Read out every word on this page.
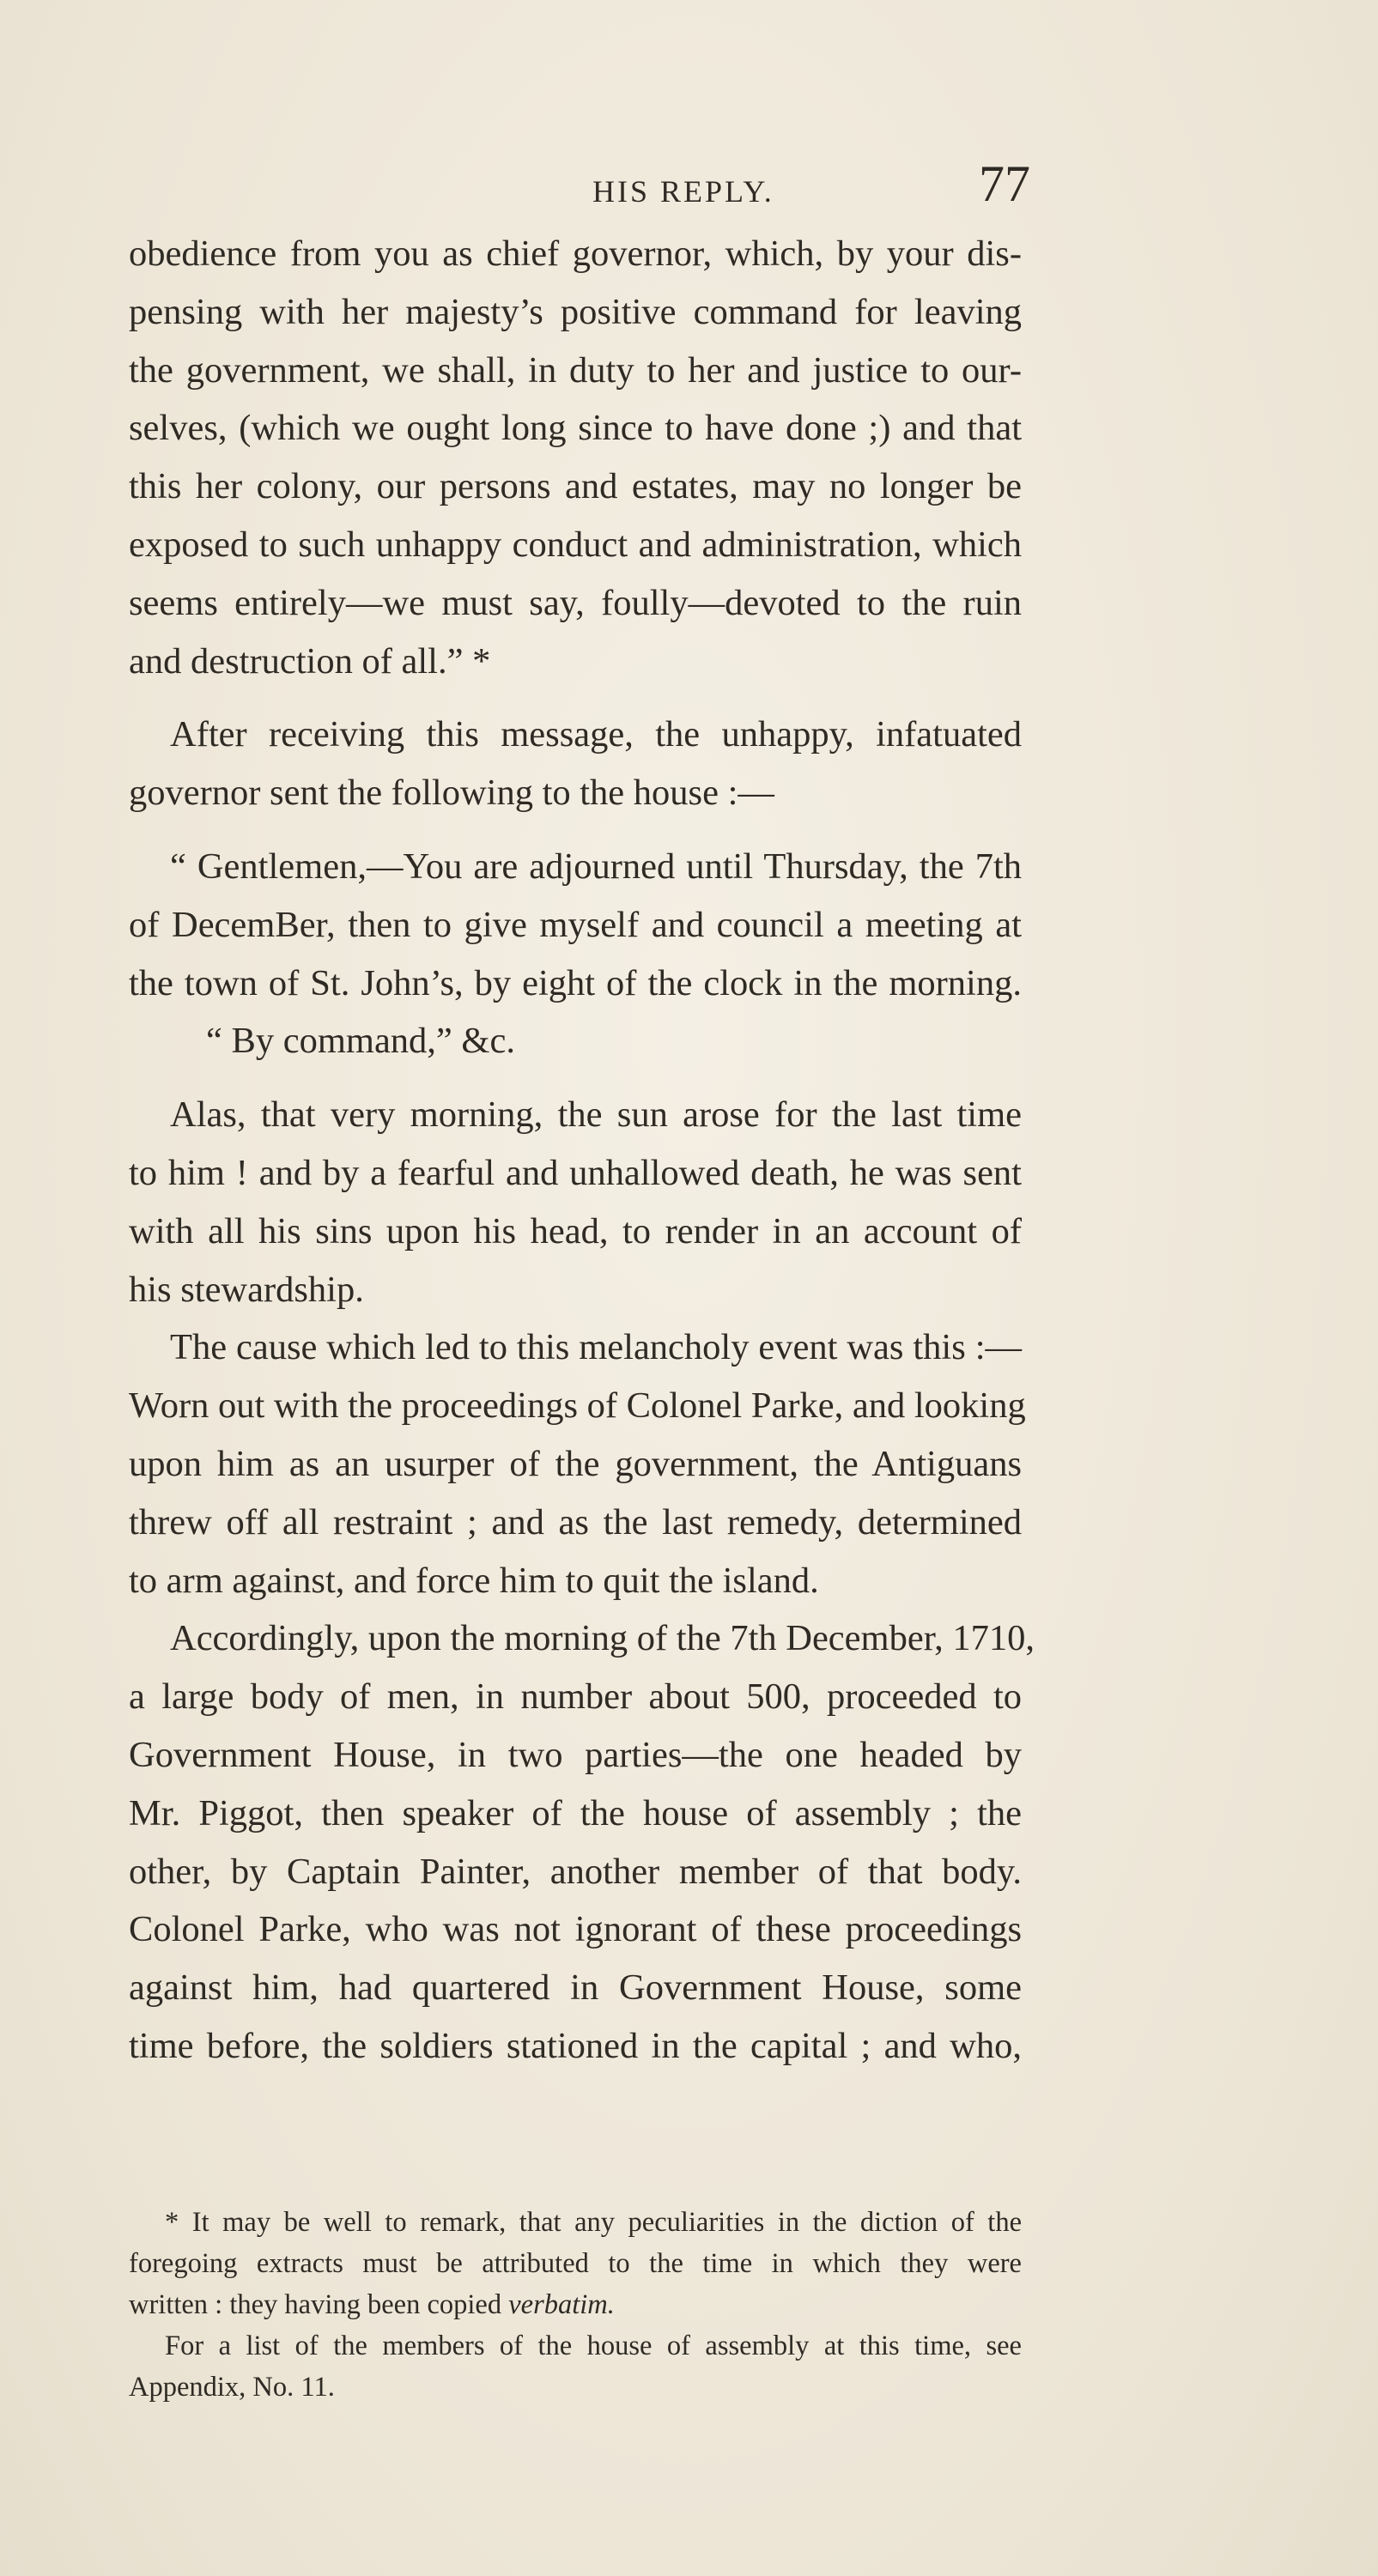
HIS REPLY.	77
obedience from you as chief governor, which, by your dis-
pensing with her majesty’s positive command for leaving
the government, we shall, in duty to her and justice to our-
selves, (which we ought long since to have done ;) and that
this her colony, our persons and estates, may no longer be
exposed to such unhappy conduct and administration, which
seems entirely—we must say, foully—devoted to the ruin
and destruction of all.” *
After receiving this message, the unhappy, infatuated
governor sent the following to the house :—
“ Gentlemen,—You are adjourned until Thursday, the 7th
of DecemBer, then to give myself and council a meeting at
the town of St. John’s, by eight of the clock in the morning.
“ By command,” &c.
Alas, that very morning, the sun arose for the last time
to him ! and by a fearful and unhallowed death, he was sent
with all his sins upon his head, to render in an account of
his stewardship.
The cause which led to this melancholy event was this :—
Worn out with the proceedings of Colonel Parke, and looking
upon him as an usurper of the government, the Antiguans
threw off all restraint ; and as the last remedy, determined
to arm against, and force him to quit the island.
Accordingly, upon the morning of the 7th December, 1710,
a large body of men, in number about 500, proceeded to
Government House, in two parties—the one headed by
Mr. Piggot, then speaker of the house of assembly ; the
other, by Captain Painter, another member of that body.
Colonel Parke, who was not ignorant of these proceedings
against him, had quartered in Government House, some
time before, the soldiers stationed in the capital ; and who,
* It may be well to remark, that any peculiarities in the diction of the
foregoing extracts must be attributed to the time in which they were
written : they having been copied verbatim.
For a list of the members of the house of assembly at this time, see
Appendix, No. 11.
